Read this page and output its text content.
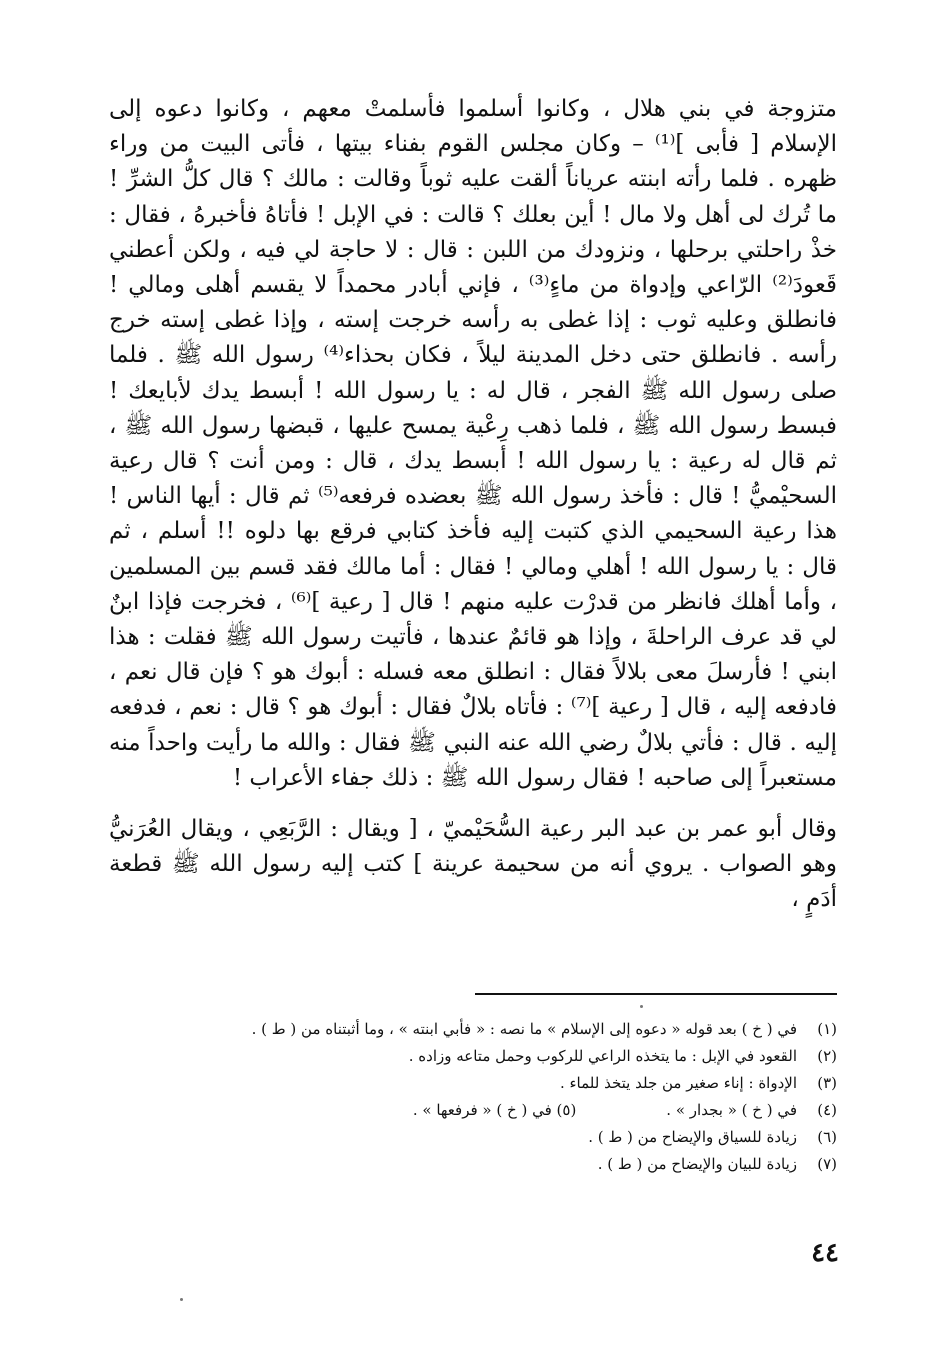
متزوجة في بني هلال ، وكانوا أسلموا فأسلمتْ معهم ، وكانوا دعوه إلى الإسلام [ فأبى ]⁽¹⁾ – وكان مجلس القوم بفناء بيتها ، فأتى البيت من وراء ظهره . فلما رأته ابنته عرياناً ألقت عليه ثوباً وقالت : مالك ؟ قال كلُّ الشرِّ ! ما تُرك لى أهل ولا مال ! أين بعلك ؟ قالت : في الإبل ! فأتاهُ فأخبرهُ ، فقال : خذْ راحلتي برحلها ، ونزودك من اللبن : قال : لا حاجة لي فيه ، ولكن أعطني قَعودَ⁽²⁾ الرّاعي وإدواة من ماءٍ⁽³⁾ ، فإني أبادر محمداً لا يقسم أهلى ومالي ! فانطلق وعليه ثوب : إذا غطى به رأسه خرجت إسته ، وإذا غطى إسته خرج رأسه . فانطلق حتى دخل المدينة ليلاً ، فكان بحذاء⁽⁴⁾ رسول الله ﷺ . فلما صلى رسول الله ﷺ الفجر ، قال له : يا رسول الله ! أبسط يدك لأبايعك ! فبسط رسول الله ﷺ ، فلما ذهب رِعْية يمسح عليها ، قبضها رسول الله ﷺ ، ثم قال له رعية : يا رسول الله ! أبسط يدك ، قال : ومن أنت ؟ قال رعية السحيْميُّ ! قال : فأخذ رسول الله ﷺ بعضده فرفعه⁽⁵⁾ ثم قال : أيها الناس ! هذا رعية السحيمي الذي كتبت إليه فأخذ كتابي فرقع بها دلوه !! أسلم ، ثم قال : يا رسول الله ! أهلي ومالي ! فقال : أما مالك فقد قسم بين المسلمين ، وأما أهلك فانظر من قدرْت عليه منهم ! قال [ رعية ]⁽⁶⁾ ، فخرجت فإذا ابنٌ لي قد عرف الراحلةَ ، وإذا هو قائمٌ عندها ، فأتيت رسول الله ﷺ فقلت : هذا ابني ! فأرسلَ معى بلالاً فقال : انطلق معه فسله : أبوك هو ؟ فإن قال نعم ، فادفعه إليه ، قال [ رعية ]⁽⁷⁾ : فأتاه بلالٌ فقال : أبوك هو ؟ قال : نعم ، فدفعه إليه . قال : فأتي بلالٌ رضي الله عنه النبي ﷺ فقال : والله ما رأيت واحداً منه مستعبراً إلى صاحبه ! فقال رسول الله ﷺ : ذلك جفاء الأعراب !

وقال أبو عمر بن عبد البر رعية السُّحَيْميّ ، [ ويقال : الرَّبَعِي ، ويقال العُرَنيُّ وهو الصواب . يروي أنه من سحيمة عرينة ] كتب إليه رسول الله ﷺ قطعة أدَمٍ ،

(١)
في ( خ ) بعد قوله « دعوه إلى الإسلام » ما نصه : « فأبي ابنته » ، وما أثبتناه من ( ط ) .
(٢)
القعود في الإبل : ما يتخذه الراعي للركوب وحمل متاعه وزاده .
(٣)
الإدواة : إناء صغير من جلد يتخذ للماء .
(٤)
في ( خ ) « بجدار » .
(٥) في ( خ ) « فرفعها » .
(٦)
زيادة للسياق والإيضاح من ( ط ) .
(٧)
زيادة للبيان والإيضاح من ( ط ) .
٤٤
